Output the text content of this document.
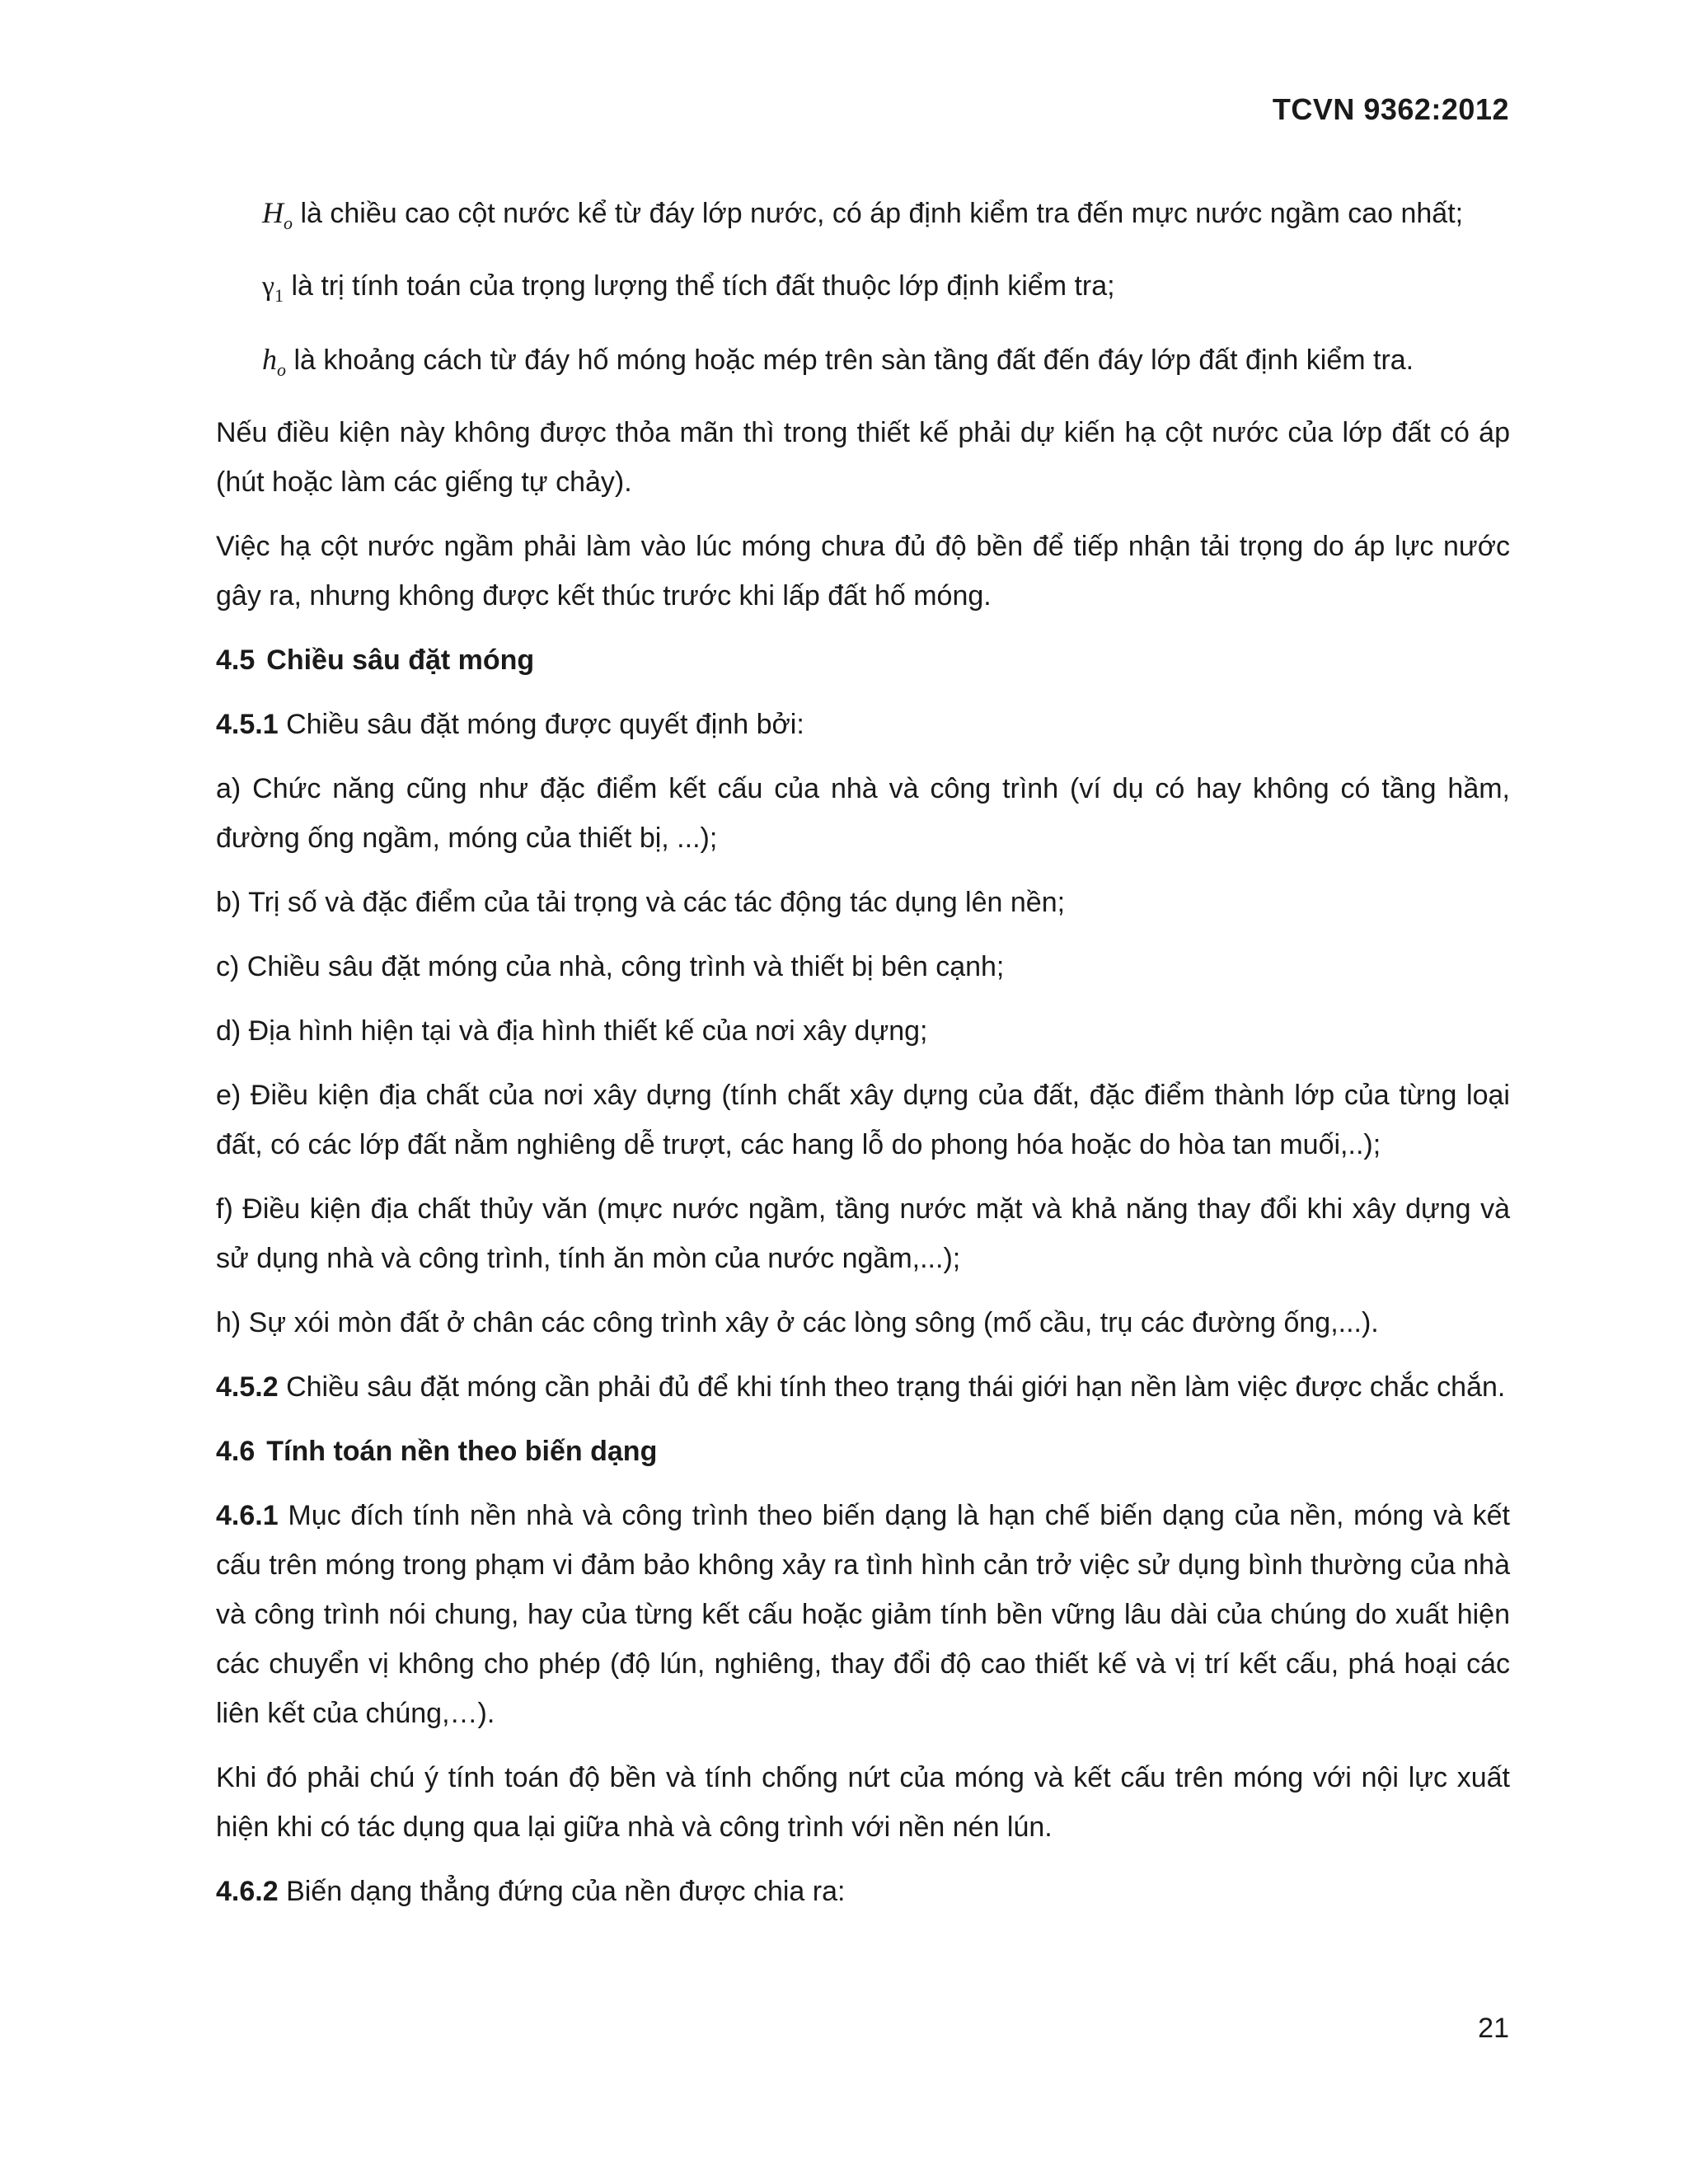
TCVN 9362:2012
$H_o$ là chiều cao cột nước kể từ đáy lớp nước, có áp định kiểm tra đến mực nước ngầm cao nhất;
$\gamma_1$ là trị tính toán của trọng lượng thể tích đất thuộc lớp định kiểm tra;
$h_o$ là khoảng cách từ đáy hố móng hoặc mép trên sàn tầng đất đến đáy lớp đất định kiểm tra.

Nếu điều kiện này không được thỏa mãn thì trong thiết kế phải dự kiến hạ cột nước của lớp đất có áp (hút hoặc làm các giếng tự chảy).

Việc hạ cột nước ngầm phải làm vào lúc móng chưa đủ độ bền để tiếp nhận tải trọng do áp lực nước gây ra, nhưng không được kết thúc trước khi lấp đất hố móng.

4.5 Chiều sâu đặt móng

4.5.1 Chiều sâu đặt móng được quyết định bởi:

a) Chức năng cũng như đặc điểm kết cấu của nhà và công trình (ví dụ có hay không có tầng hầm, đường ống ngầm, móng của thiết bị, ...);

b) Trị số và đặc điểm của tải trọng và các tác động tác dụng lên nền;

c) Chiều sâu đặt móng của nhà, công trình và thiết bị bên cạnh;

d) Địa hình hiện tại và địa hình thiết kế của nơi xây dựng;

e) Điều kiện địa chất của nơi xây dựng (tính chất xây dựng của đất, đặc điểm thành lớp của từng loại đất, có các lớp đất nằm nghiêng dễ trượt, các hang lỗ do phong hóa hoặc do hòa tan muối,..);

f) Điều kiện địa chất thủy văn (mực nước ngầm, tầng nước mặt và khả năng thay đổi khi xây dựng và sử dụng nhà và công trình, tính ăn mòn của nước ngầm,...);

h) Sự xói mòn đất ở chân các công trình xây ở các lòng sông (mố cầu, trụ các đường ống,...).

4.5.2 Chiều sâu đặt móng cần phải đủ để khi tính theo trạng thái giới hạn nền làm việc được chắc chắn.

4.6 Tính toán nền theo biến dạng

4.6.1 Mục đích tính nền nhà và công trình theo biến dạng là hạn chế biến dạng của nền, móng và kết cấu trên móng trong phạm vi đảm bảo không xảy ra tình hình cản trở việc sử dụng bình thường của nhà và công trình nói chung, hay của từng kết cấu hoặc giảm tính bền vững lâu dài của chúng do xuất hiện các chuyển vị không cho phép (độ lún, nghiêng, thay đổi độ cao thiết kế và vị trí kết cấu, phá hoại các liên kết của chúng,…).

Khi đó phải chú ý tính toán độ bền và tính chống nứt của móng và kết cấu trên móng với nội lực xuất hiện khi có tác dụng qua lại giữa nhà và công trình với nền nén lún.

4.6.2 Biến dạng thẳng đứng của nền được chia ra:

21
